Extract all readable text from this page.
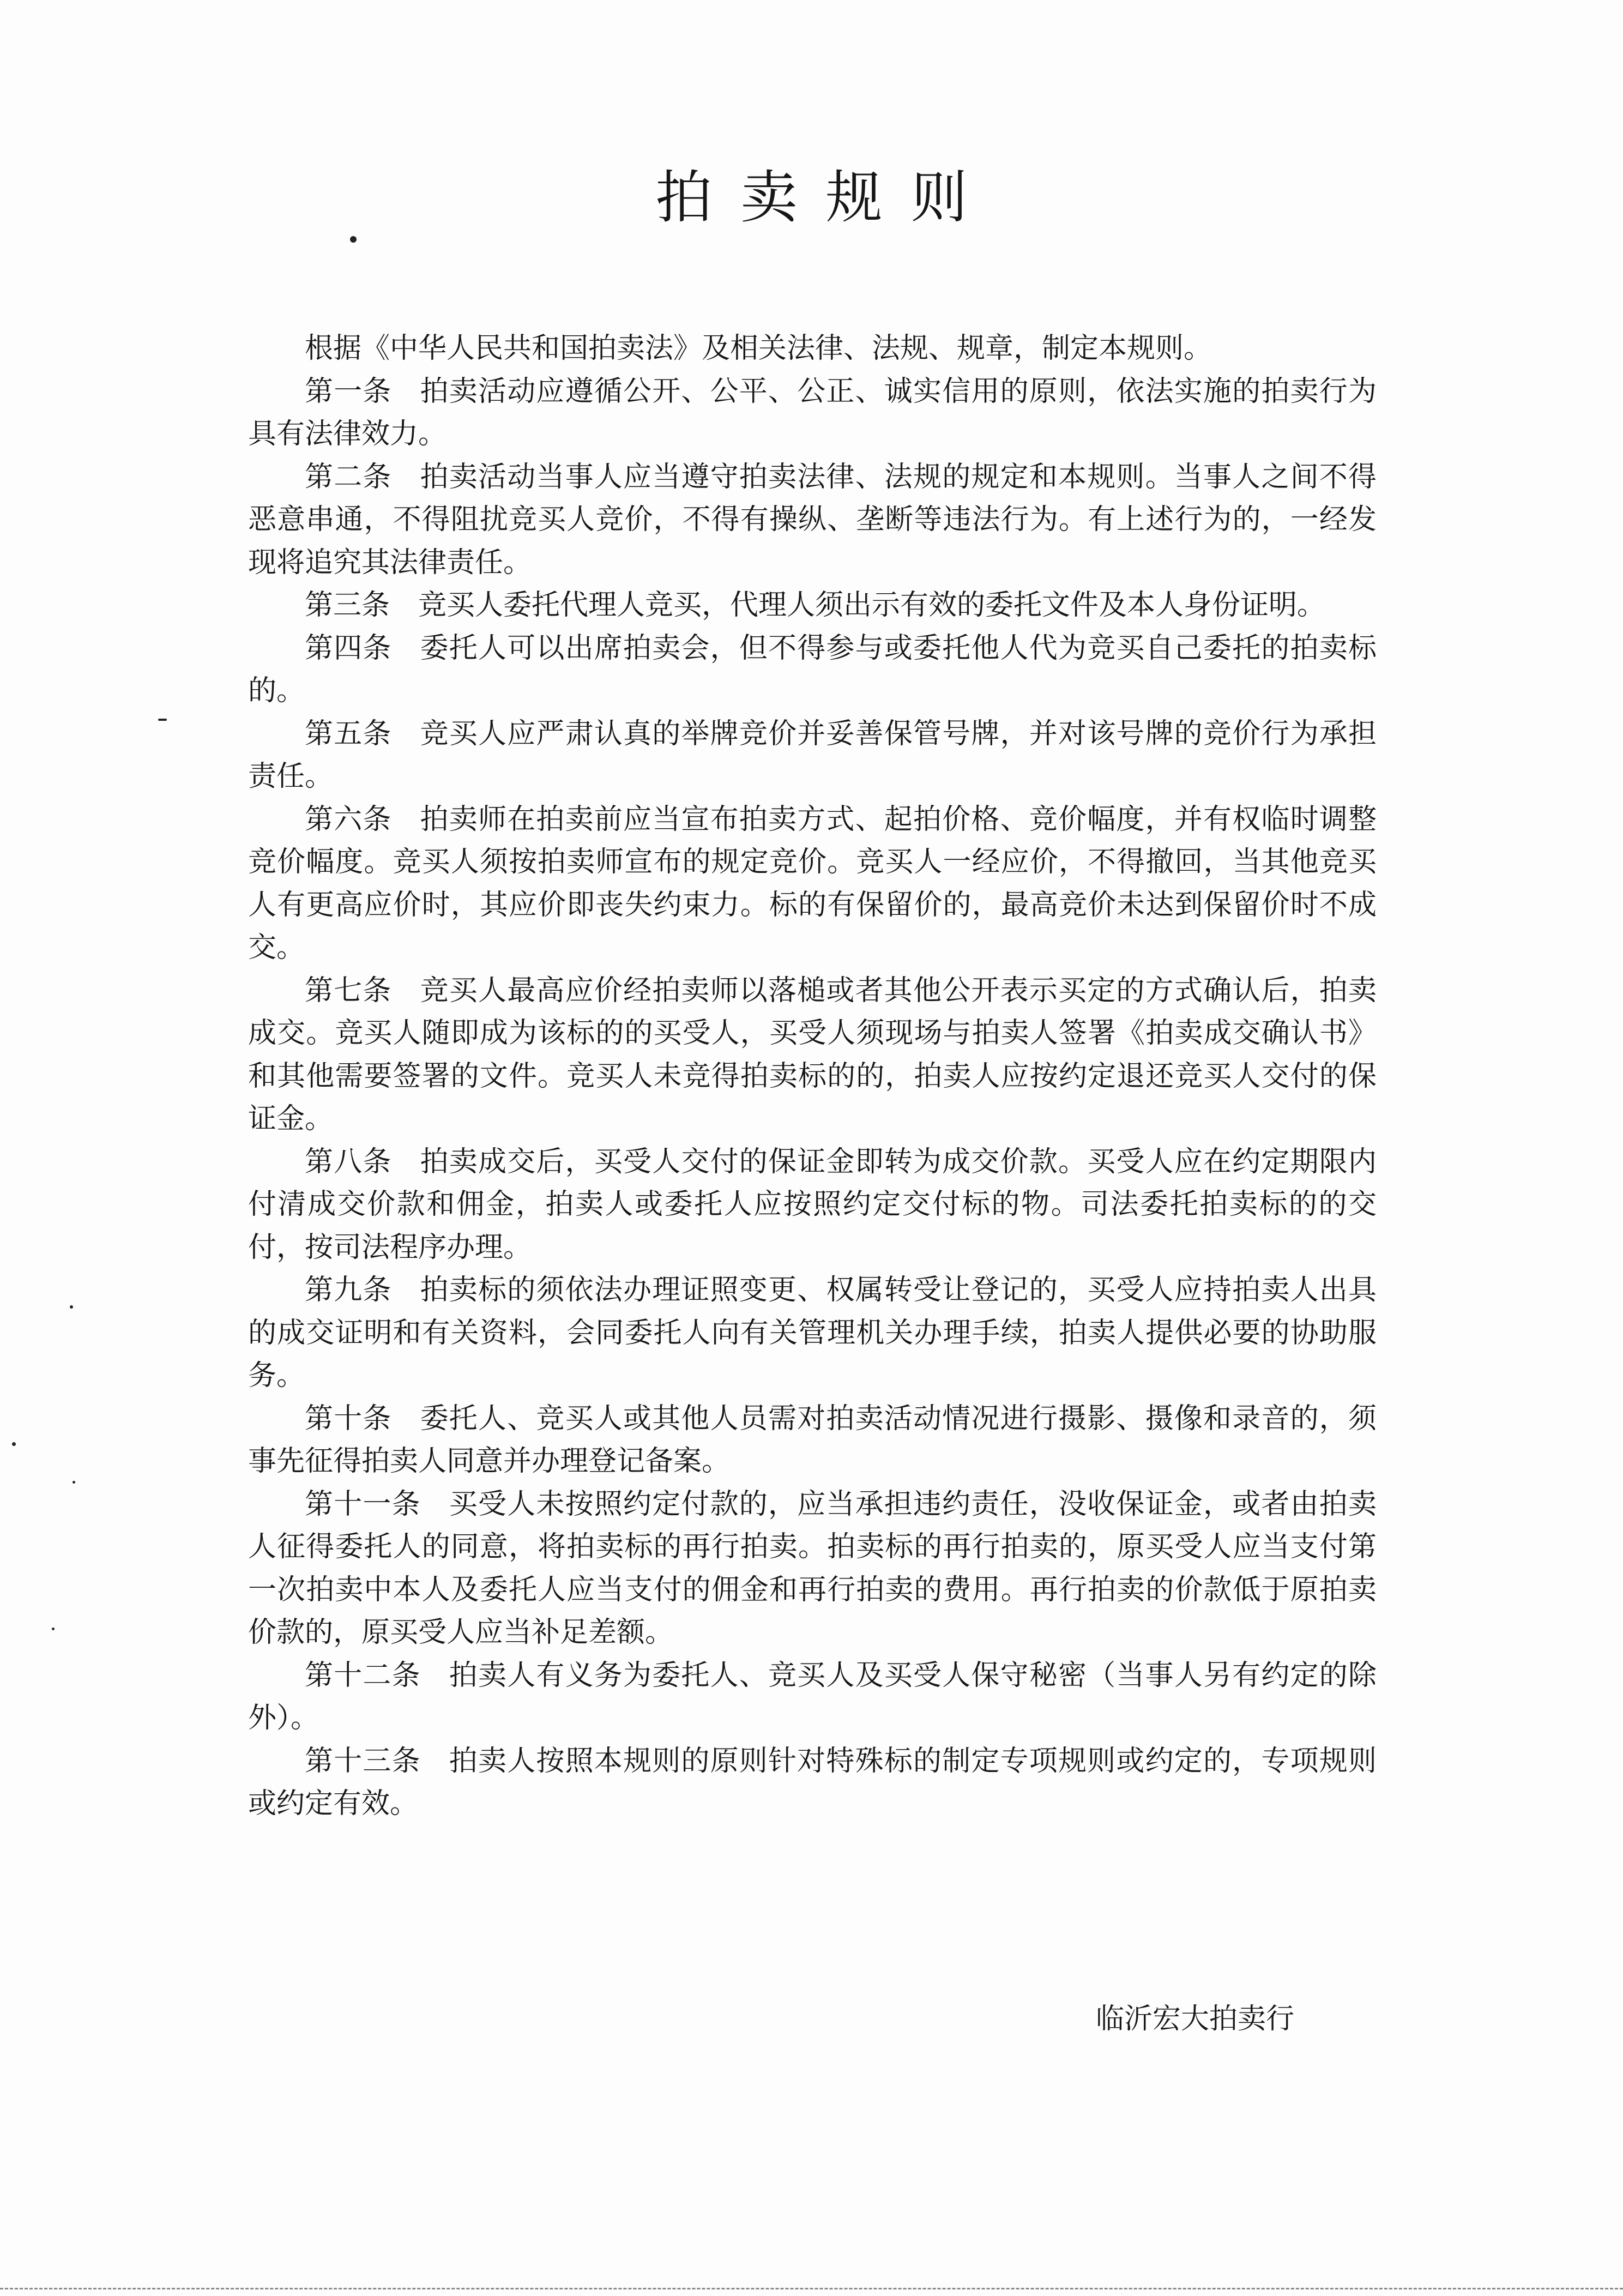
拍卖规则

根据《中华人民共和国拍卖法》及相关法律、法规、规章，制定本规则。

第一条 拍卖活动应遵循公开、公平、公正、诚实信用的原则，依法实施的拍卖行为具有法律效力。

第二条 拍卖活动当事人应当遵守拍卖法律、法规的规定和本规则。当事人之间不得恶意串通，不得阻扰竞买人竞价，不得有操纵、垄断等违法行为。有上述行为的，一经发现将追究其法律责任。

第三条 竞买人委托代理人竞买，代理人须出示有效的委托文件及本人身份证明。

第四条 委托人可以出席拍卖会，但不得参与或委托他人代为竞买自己委托的拍卖标的。

第五条 竞买人应严肃认真的举牌竞价并妥善保管号牌，并对该号牌的竞价行为承担责任。

第六条 拍卖师在拍卖前应当宣布拍卖方式、起拍价格、竞价幅度，并有权临时调整竞价幅度。竞买人须按拍卖师宣布的规定竞价。竞买人一经应价，不得撤回，当其他竞买人有更高应价时，其应价即丧失约束力。标的有保留价的，最高竞价未达到保留价时不成交。

第七条 竞买人最高应价经拍卖师以落槌或者其他公开表示买定的方式确认后，拍卖成交。竞买人随即成为该标的的买受人，买受人须现场与拍卖人签署《拍卖成交确认书》和其他需要签署的文件。竞买人未竞得拍卖标的的，拍卖人应按约定退还竞买人交付的保证金。

第八条 拍卖成交后，买受人交付的保证金即转为成交价款。买受人应在约定期限内付清成交价款和佣金，拍卖人或委托人应按照约定交付标的物。司法委托拍卖标的的交付，按司法程序办理。

第九条 拍卖标的须依法办理证照变更、权属转受让登记的，买受人应持拍卖人出具的成交证明和有关资料，会同委托人向有关管理机关办理手续，拍卖人提供必要的协助服务。

第十条 委托人、竞买人或其他人员需对拍卖活动情况进行摄影、摄像和录音的，须事先征得拍卖人同意并办理登记备案。

第十一条 买受人未按照约定付款的，应当承担违约责任，没收保证金，或者由拍卖人征得委托人的同意，将拍卖标的再行拍卖。拍卖标的再行拍卖的，原买受人应当支付第一次拍卖中本人及委托人应当支付的佣金和再行拍卖的费用。再行拍卖的价款低于原拍卖价款的，原买受人应当补足差额。

第十二条 拍卖人有义务为委托人、竞买人及买受人保守秘密（当事人另有约定的除外）。

第十三条 拍卖人按照本规则的原则针对特殊标的制定专项规则或约定的，专项规则或约定有效。

临沂宏大拍卖行
